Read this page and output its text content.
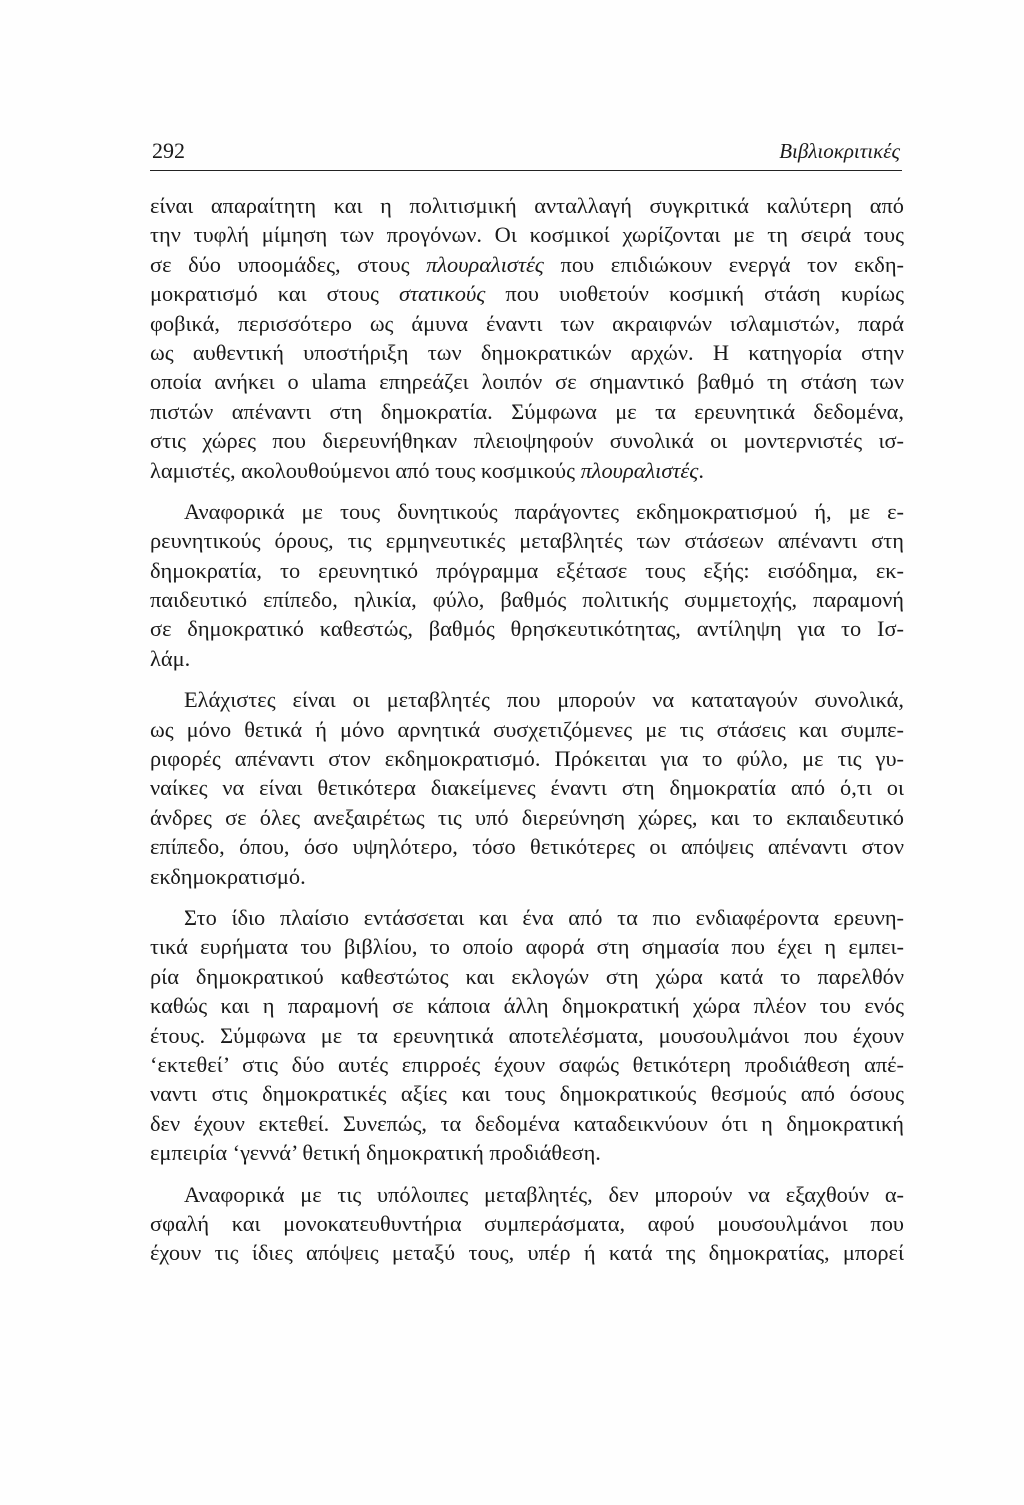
292	Βιβλιοκριτικές
είναι απαραίτητη και η πολιτισμική ανταλλαγή συγκριτικά καλύτερη από
την τυφλή μίμηση των προγόνων. Οι κοσμικοί χωρίζονται με τη σειρά τους
σε δύο υποομάδες, στους πλουραλιστές που επιδιώκουν ενεργά τον εκδη-
μοκρατισμό και στους στατικούς που υιοθετούν κοσμική στάση κυρίως
φοβικά, περισσότερο ως άμυνα έναντι των ακραιφνών ισλαμιστών, παρά
ως αυθεντική υποστήριξη των δημοκρατικών αρχών. Η κατηγορία στην
οποία ανήκει ο ulama επηρεάζει λοιπόν σε σημαντικό βαθμό τη στάση των
πιστών απέναντι στη δημοκρατία. Σύμφωνα με τα ερευνητικά δεδομένα,
στις χώρες που διερευνήθηκαν πλειοψηφούν συνολικά οι μοντερνιστές ισ-
λαμιστές, ακολουθούμενοι από τους κοσμικούς πλουραλιστές.
Αναφορικά με τους δυνητικούς παράγοντες εκδημοκρατισμού ή, με ε-
ρευνητικούς όρους, τις ερμηνευτικές μεταβλητές των στάσεων απέναντι στη
δημοκρατία, το ερευνητικό πρόγραμμα εξέτασε τους εξής: εισόδημα, εκ-
παιδευτικό επίπεδο, ηλικία, φύλο, βαθμός πολιτικής συμμετοχής, παραμονή
σε δημοκρατικό καθεστώς, βαθμός θρησκευτικότητας, αντίληψη για το Ισ-
λάμ.
Ελάχιστες είναι οι μεταβλητές που μπορούν να καταταγούν συνολικά,
ως μόνο θετικά ή μόνο αρνητικά συσχετιζόμενες με τις στάσεις και συμπε-
ριφορές απέναντι στον εκδημοκρατισμό. Πρόκειται για το φύλο, με τις γυ-
ναίκες να είναι θετικότερα διακείμενες έναντι στη δημοκρατία από ό,τι οι
άνδρες σε όλες ανεξαιρέτως τις υπό διερεύνηση χώρες, και το εκπαιδευτικό
επίπεδο, όπου, όσο υψηλότερο, τόσο θετικότερες οι απόψεις απέναντι στον
εκδημοκρατισμό.
Στο ίδιο πλαίσιο εντάσσεται και ένα από τα πιο ενδιαφέροντα ερευνη-
τικά ευρήματα του βιβλίου, το οποίο αφορά στη σημασία που έχει η εμπει-
ρία δημοκρατικού καθεστώτος και εκλογών στη χώρα κατά το παρελθόν
καθώς και η παραμονή σε κάποια άλλη δημοκρατική χώρα πλέον του ενός
έτους. Σύμφωνα με τα ερευνητικά αποτελέσματα, μουσουλμάνοι που έχουν
‘εκτεθεί’ στις δύο αυτές επιρροές έχουν σαφώς θετικότερη προδιάθεση απέ-
ναντι στις δημοκρατικές αξίες και τους δημοκρατικούς θεσμούς από όσους
δεν έχουν εκτεθεί. Συνεπώς, τα δεδομένα καταδεικνύουν ότι η δημοκρατική
εμπειρία ‘γεννά’ θετική δημοκρατική προδιάθεση.
Αναφορικά με τις υπόλοιπες μεταβλητές, δεν μπορούν να εξαχθούν α-
σφαλή και μονοκατευθυντήρια συμπεράσματα, αφού μουσουλμάνοι που
έχουν τις ίδιες απόψεις μεταξύ τους, υπέρ ή κατά της δημοκρατίας, μπορεί
